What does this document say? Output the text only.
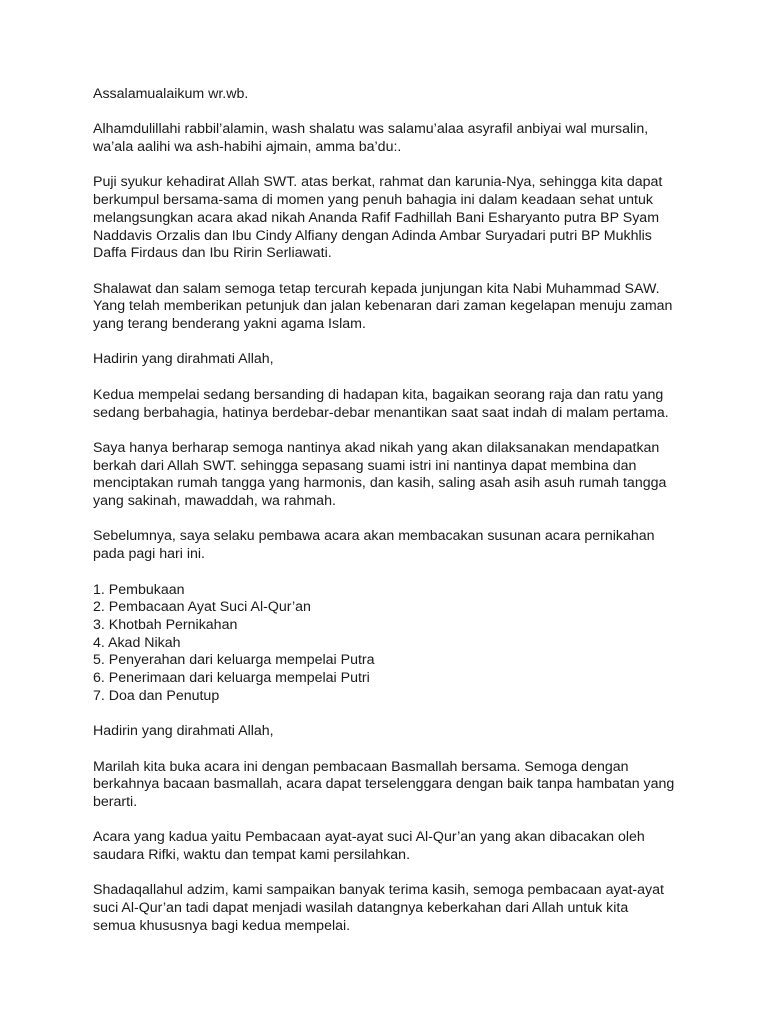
Assalamualaikum wr.wb.

Alhamdulillahi rabbil’alamin, wash shalatu was salamu’alaa asyrafil anbiyai wal mursalin,
wa’ala aalihi wa ash-habihi ajmain, amma ba’du:.

Puji syukur kehadirat Allah SWT. atas berkat, rahmat dan karunia-Nya, sehingga kita dapat
berkumpul bersama-sama di momen yang penuh bahagia ini dalam keadaan sehat untuk
melangsungkan acara akad nikah Ananda Rafif Fadhillah Bani Esharyanto putra BP Syam
Naddavis Orzalis dan Ibu Cindy Alfiany dengan Adinda Ambar Suryadari putri BP Mukhlis
Daffa Firdaus dan Ibu Ririn Serliawati.

Shalawat dan salam semoga tetap tercurah kepada junjungan kita Nabi Muhammad SAW.
Yang telah memberikan petunjuk dan jalan kebenaran dari zaman kegelapan menuju zaman
yang terang benderang yakni agama Islam.

Hadirin yang dirahmati Allah,

Kedua mempelai sedang bersanding di hadapan kita, bagaikan seorang raja dan ratu yang
sedang berbahagia, hatinya berdebar-debar menantikan saat saat indah di malam pertama.

Saya hanya berharap semoga nantinya akad nikah yang akan dilaksanakan mendapatkan
berkah dari Allah SWT. sehingga sepasang suami istri ini nantinya dapat membina dan
menciptakan rumah tangga yang harmonis, dan kasih, saling asah asih asuh rumah tangga
yang sakinah, mawaddah, wa rahmah.

Sebelumnya, saya selaku pembawa acara akan membacakan susunan acara pernikahan
pada pagi hari ini.

1. Pembukaan
2. Pembacaan Ayat Suci Al-Qur’an
3. Khotbah Pernikahan
4. Akad Nikah
5. Penyerahan dari keluarga mempelai Putra
6. Penerimaan dari keluarga mempelai Putri
7. Doa dan Penutup

Hadirin yang dirahmati Allah,

Marilah kita buka acara ini dengan pembacaan Basmallah bersama. Semoga dengan
berkahnya bacaan basmallah, acara dapat terselenggara dengan baik tanpa hambatan yang
berarti.

Acara yang kadua yaitu Pembacaan ayat-ayat suci Al-Qur’an yang akan dibacakan oleh
saudara Rifki, waktu dan tempat kami persilahkan.

Shadaqallahul adzim, kami sampaikan banyak terima kasih, semoga pembacaan ayat-ayat
suci Al-Qur’an tadi dapat menjadi wasilah datangnya keberkahan dari Allah untuk kita
semua khususnya bagi kedua mempelai.
